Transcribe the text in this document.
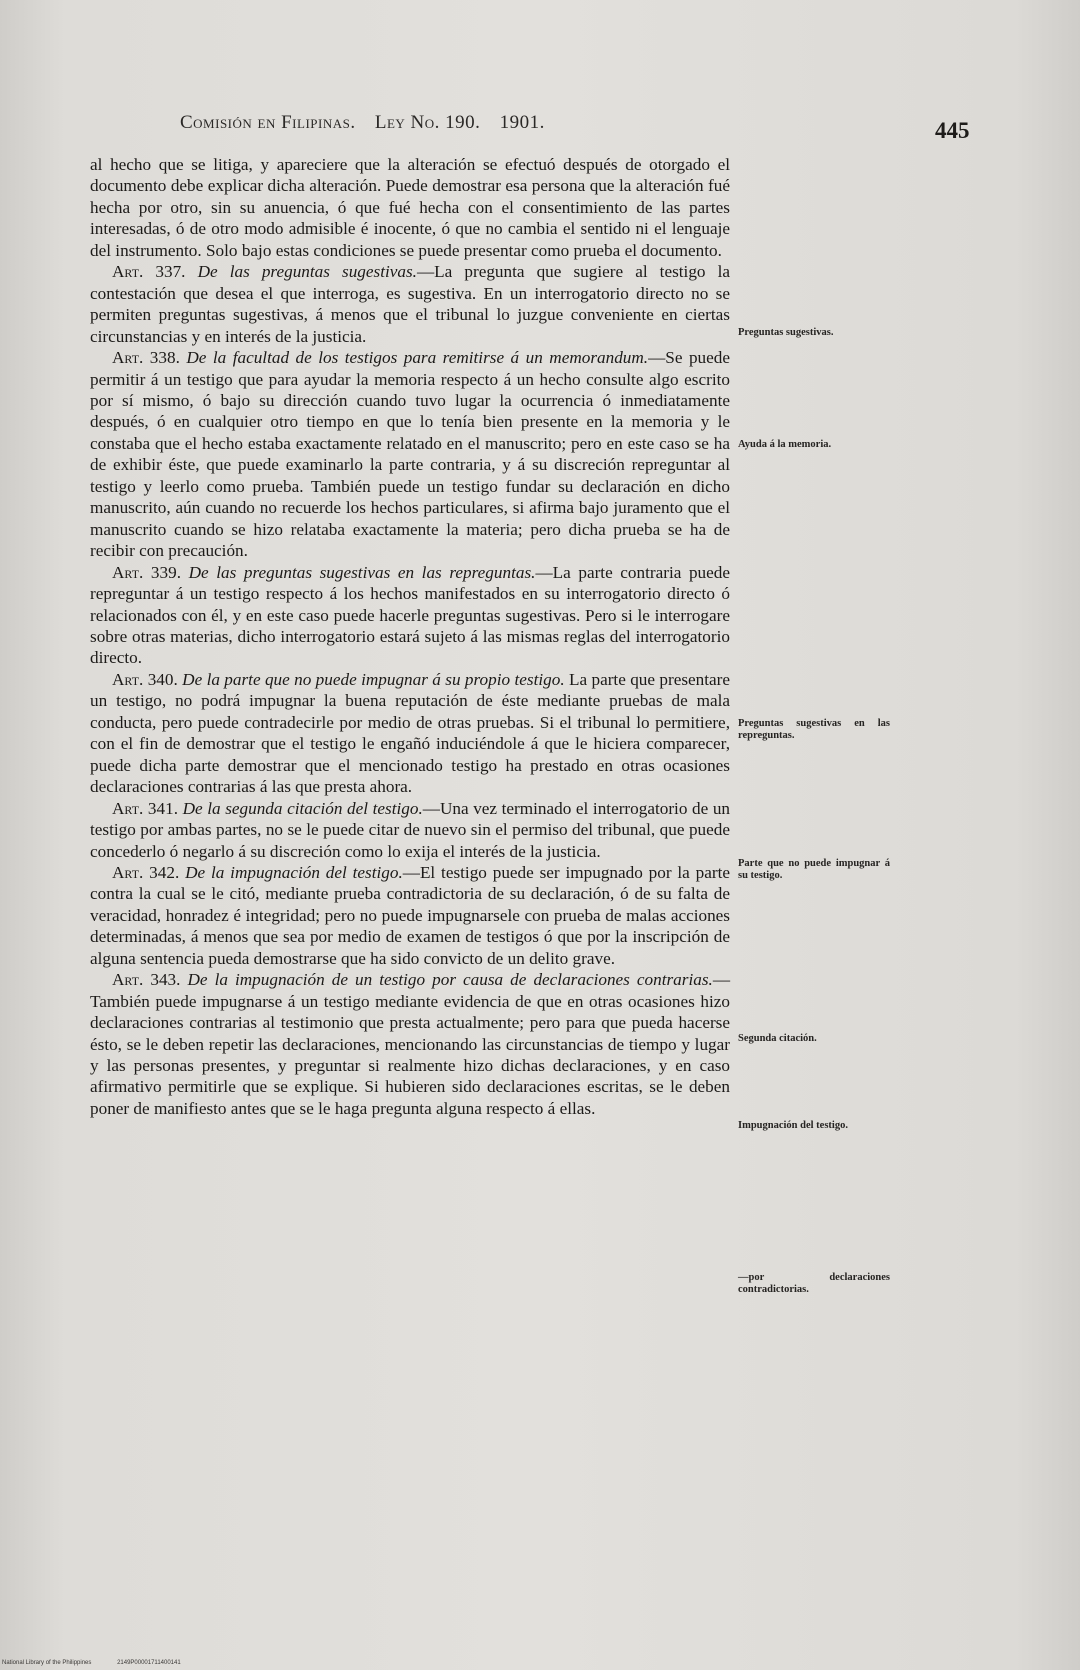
Comisión en Filipinas. Ley No. 190. 1901.	445

al hecho que se litiga, y apareciere que la alteración se efectuó después de otorgado el documento debe explicar dicha alteración. Puede demostrar esa persona que la alteración fué hecha por otro, sin su anuencia, ó que fué hecha con el consentimiento de las partes interesadas, ó de otro modo admisible é inocente, ó que no cambia el sentido ni el lenguaje del instrumento. Solo bajo estas condiciones se puede presentar como prueba el documento.

Art. 337. De las preguntas sugestivas.—La pregunta que sugiere al testigo la contestación que desea el que interroga, es sugestiva. En un interrogatorio directo no se permiten preguntas sugestivas, á menos que el tribunal lo juzgue conveniente en ciertas circunstancias y en interés de la justicia.

Art. 338. De la facultad de los testigos para remitirse á un memorandum.—Se puede permitir á un testigo que para ayudar la memoria respecto á un hecho consulte algo escrito por sí mismo, ó bajo su dirección cuando tuvo lugar la ocurrencia ó inmediatamente después, ó en cualquier otro tiempo en que lo tenía bien presente en la memoria y le constaba que el hecho estaba exactamente relatado en el manuscrito; pero en este caso se ha de exhibir éste, que puede examinarlo la parte contraria, y á su discreción repreguntar al testigo y leerlo como prueba. También puede un testigo fundar su declaración en dicho manuscrito, aún cuando no recuerde los hechos particulares, si afirma bajo juramento que el manuscrito cuando se hizo relataba exactamente la materia; pero dicha prueba se ha de recibir con precaución.

Art. 339. De las preguntas sugestivas en las repreguntas.—La parte contraria puede repreguntar á un testigo respecto á los hechos manifestados en su interrogatorio directo ó relacionados con él, y en este caso puede hacerle preguntas sugestivas. Pero si le interrogare sobre otras materias, dicho interrogatorio estará sujeto á las mismas reglas del interrogatorio directo.

Art. 340. De la parte que no puede impugnar á su propio testigo. La parte que presentare un testigo, no podrá impugnar la buena reputación de éste mediante pruebas de mala conducta, pero puede contradecirle por medio de otras pruebas. Si el tribunal lo permitiere, con el fin de demostrar que el testigo le engañó induciéndole á que le hiciera comparecer, puede dicha parte demostrar que el mencionado testigo ha prestado en otras ocasiones declaraciones contrarias á las que presta ahora.

Art. 341. De la segunda citación del testigo.—Una vez terminado el interrogatorio de un testigo por ambas partes, no se le puede citar de nuevo sin el permiso del tribunal, que puede concederlo ó negarlo á su discreción como lo exija el interés de la justicia.

Art. 342. De la impugnación del testigo.—El testigo puede ser impugnado por la parte contra la cual se le citó, mediante prueba contradictoria de su declaración, ó de su falta de veracidad, honradez é integridad; pero no puede impugnarsele con prueba de malas acciones determinadas, á menos que sea por medio de examen de testigos ó que por la inscripción de alguna sentencia pueda demostrarse que ha sido convicto de un delito grave.

Art. 343. De la impugnación de un testigo por causa de declaraciones contrarias.—También puede impugnarse á un testigo mediante evidencia de que en otras ocasiones hizo declaraciones contrarias al testimonio que presta actualmente; pero para que pueda hacerse ésto, se le deben repetir las declaraciones, mencionando las circunstancias de tiempo y lugar y las personas presentes, y preguntar si realmente hizo dichas declaraciones, y en caso afirmativo permitirle que se explique. Si hubieren sido declaraciones escritas, se le deben poner de manifiesto antes que se le haga pregunta alguna respecto á ellas.

Preguntas sugestivas.
Ayuda á la memoria.
Preguntas sugestivas en las repreguntas.
Parte que no puede impugnar á su testigo.
Segunda citación.
Impugnación del testigo.
—por declaraciones contradictorias.
National Library of the Philippines	2149P00001711400141
